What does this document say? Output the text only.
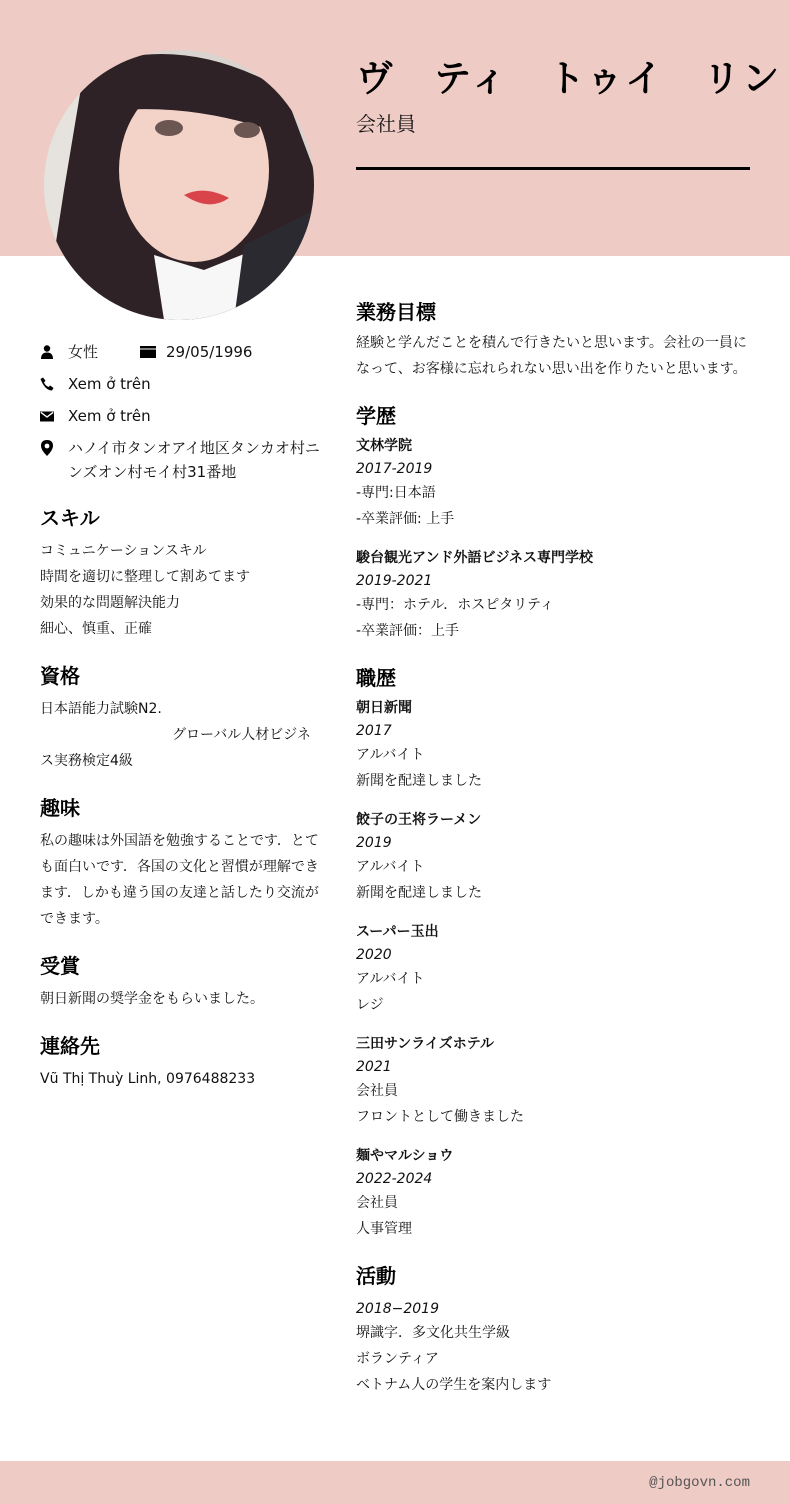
ヴ　ティ　トゥイ　リン
会社員
女性	29/05/1996
Xem ở trên
Xem ở trên
ハノイ市タンオアイ地区タンカオ村ニンズオン村モイ村31番地
スキル
コミュニケーションスキル
時間を適切に整理して割あてます
効果的な問題解決能力
細心、慎重、正確
資格
日本語能力試験N2.
グローバル人材ビジネ
ス実務検定4級
趣味
私の趣味は外国語を勉強することです．とても面白いです．各国の文化と習慣が理解できます．しかも違う国の友達と話したり交流ができます。
受賞
朝日新聞の奨学金をもらいました。
連絡先
Vũ Thị Thuỳ Linh, 0976488233
業務目標
経験と学んだことを積んで行きたいと思います。会社の一員になって、お客様に忘れられない思い出を作りたいと思います。
学歴
文林学院
2017-2019
-専門:日本語
-卒業評価: 上手
駿台観光アンド外語ビジネス専門学校
2019-2021
-専門：ホテル．ホスピタリティ
-卒業評価：上手
職歴
朝日新聞
2017
アルバイト
新聞を配達しました
餃子の王将ラーメン
2019
アルバイト
新聞を配達しました
スーパー玉出
2020
アルバイト
レジ
三田サンライズホテル
2021
会社員
フロントとして働きました
麺やマルショウ
2022-2024
会社員
人事管理
活動
2018−2019
堺識字．多文化共生学級
ボランティア
ベトナム人の学生を案内します
@jobgovn.com
